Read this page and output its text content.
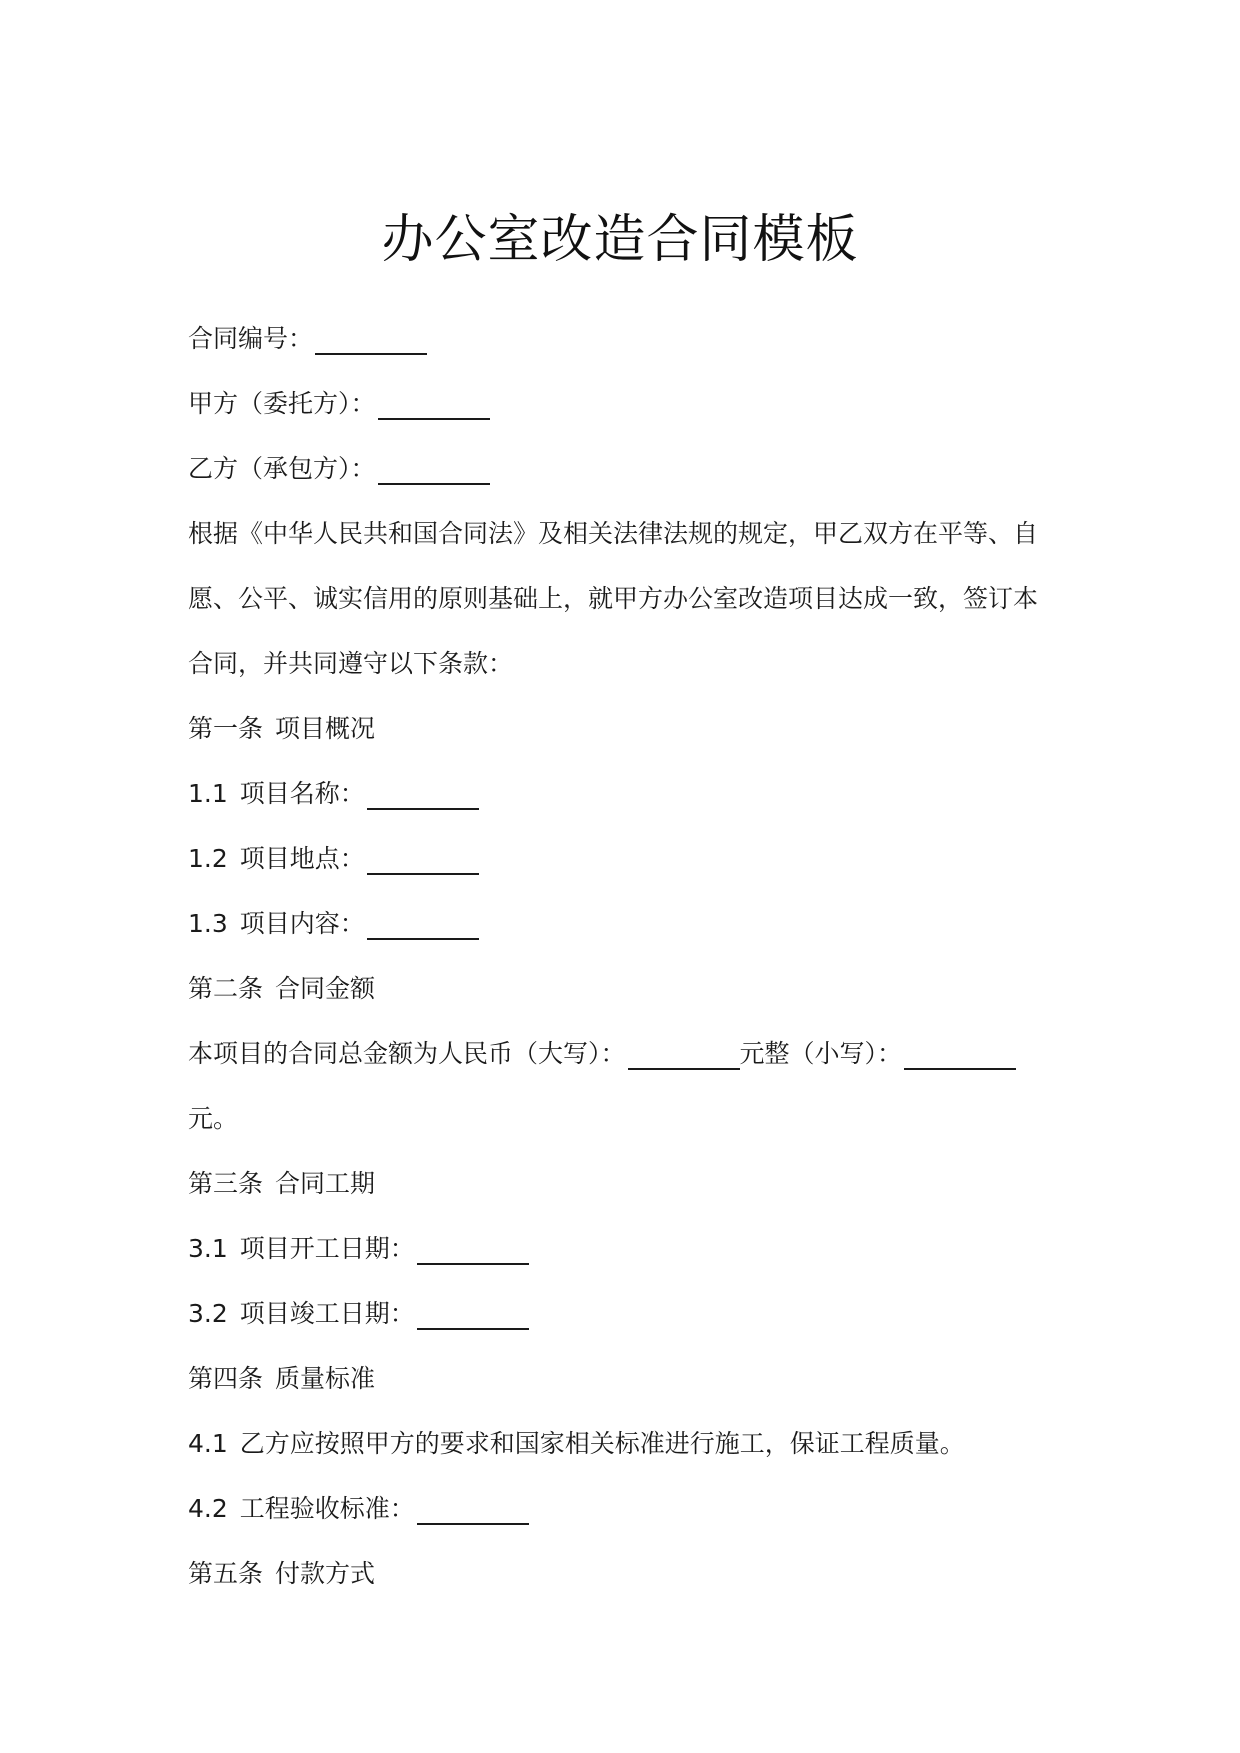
办公室改造合同模板
合同编号：
甲方（委托方）：
乙方（承包方）：
根据《中华人民共和国合同法》及相关法律法规的规定，甲乙双方在平等、自
愿、公平、诚实信用的原则基础上，就甲方办公室改造项目达成一致，签订本
合同，并共同遵守以下条款：
第一条 项目概况
1.1 项目名称：
1.2 项目地点：
1.3 项目内容：
第二条 合同金额
本项目的合同总金额为人民币（大写）：	元整（小写）：
元。
第三条 合同工期
3.1 项目开工日期：
3.2 项目竣工日期：
第四条 质量标准
4.1 乙方应按照甲方的要求和国家相关标准进行施工，保证工程质量。
4.2 工程验收标准：
第五条 付款方式
